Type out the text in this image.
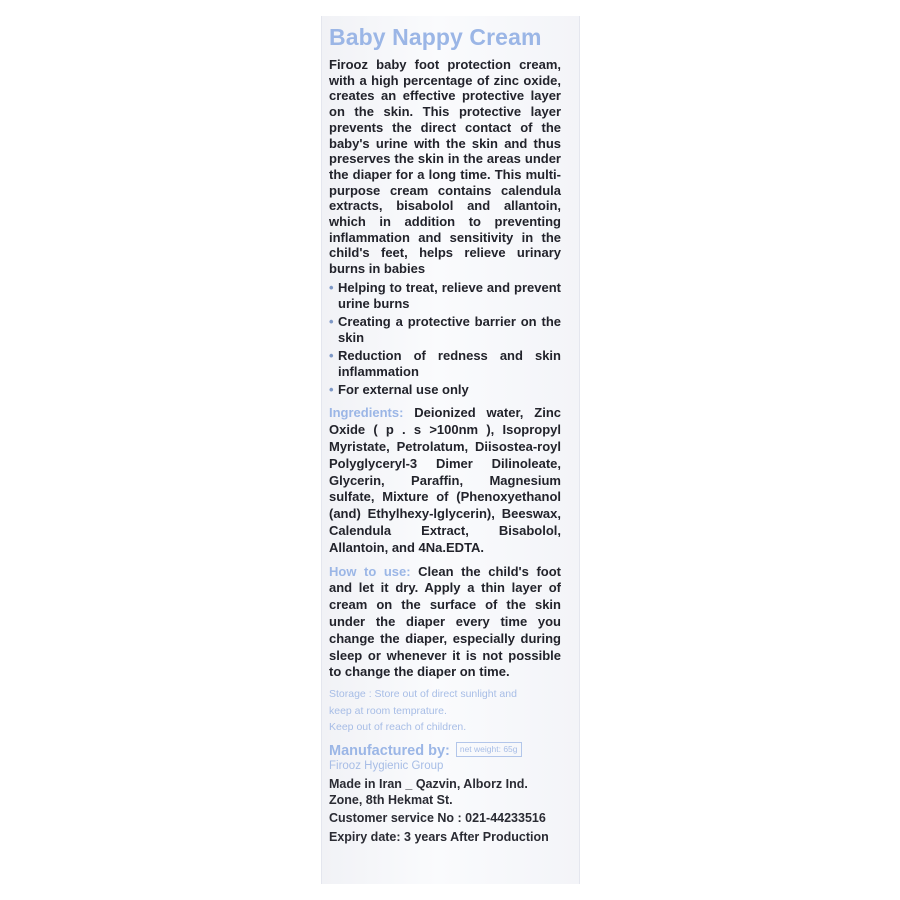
Baby Nappy Cream

Firooz baby foot protection cream, with a high percentage of zinc oxide, creates an effective protective layer on the skin. This protective layer prevents the direct contact of the baby's urine with the skin and thus preserves the skin in the areas under the diaper for a long time. This multi-purpose cream contains calendula extracts, bisabolol and allantoin, which in addition to preventing inflammation and sensitivity in the child's feet, helps relieve urinary burns in babies

• Helping to treat, relieve and prevent urine burns
• Creating a protective barrier on the skin
• Reduction of redness and skin inflammation
• For external use only
Ingredients: Deionized water, Zinc Oxide ( p . s >100nm ), Isopropyl Myristate, Petrolatum, Diisostea-royl Polyglyceryl-3 Dimer Dilinoleate, Glycerin, Paraffin, Magnesium sulfate, Mixture of (Phenoxyethanol (and) Ethylhexy-lglycerin), Beeswax, Calendula Extract, Bisabolol, Allantoin, and 4Na.EDTA.
How to use: Clean the child's foot and let it dry. Apply a thin layer of cream on the surface of the skin under the diaper every time you change the diaper, especially during sleep or whenever it is not possible to change the diaper on time.
Storage : Store out of direct sunlight and
keep at room temprature.
Keep out of reach of children.
Manufactured by:	net weight: 65g
Firooz Hygienic Group
Made in Iran _ Qazvin, Alborz Ind.
Zone, 8th Hekmat St.
Customer service No : 021-44233516
Expiry date: 3 years After Production
